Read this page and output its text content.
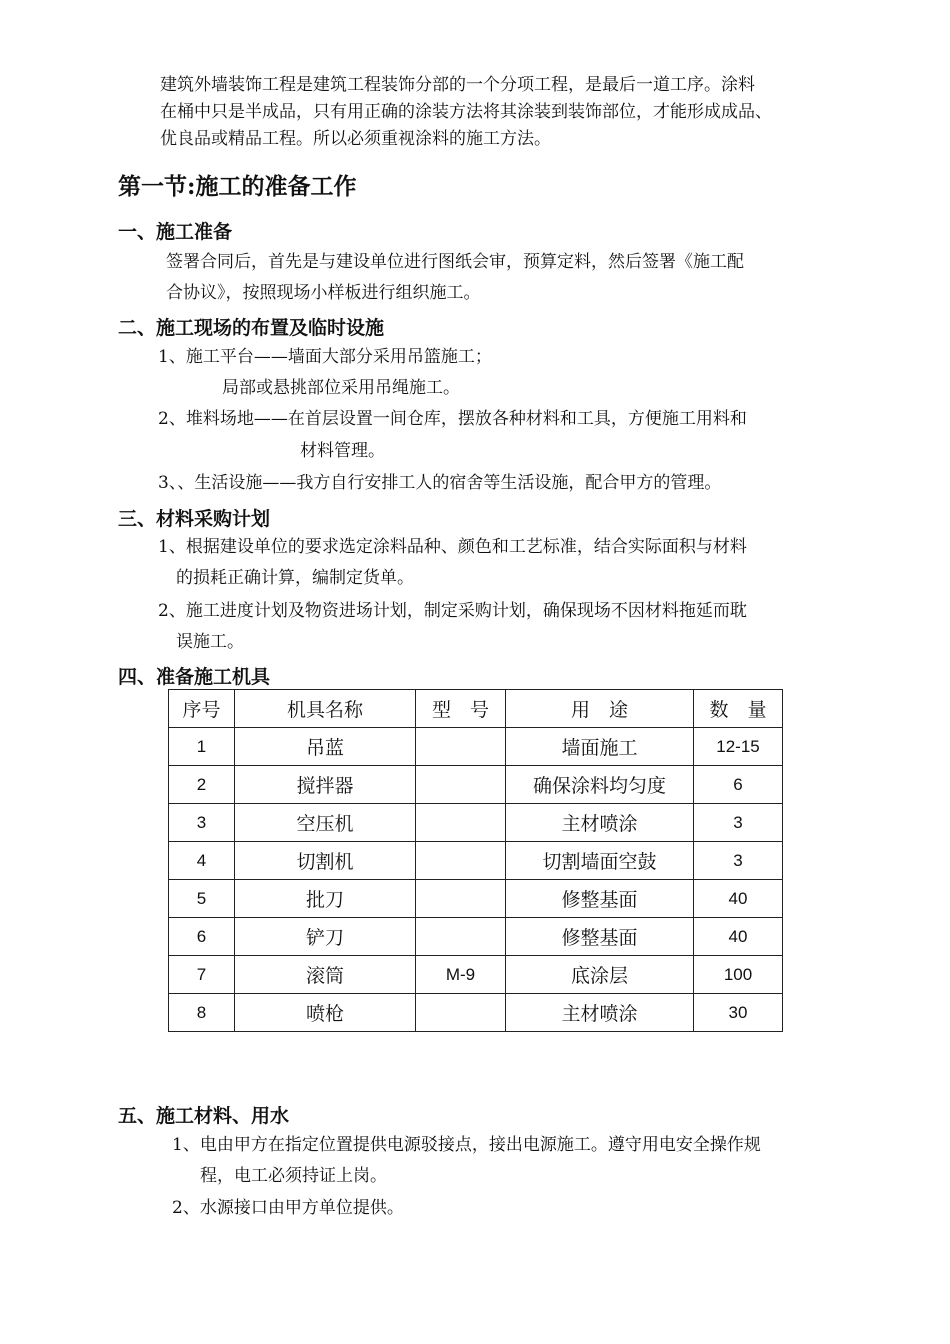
建筑外墙装饰工程是建筑工程装饰分部的一个分项工程，是最后一道工序。涂料
在桶中只是半成品，只有用正确的涂装方法将其涂装到装饰部位，才能形成成品、
优良品或精品工程。所以必须重视涂料的施工方法。
第一节:施工的准备工作
一、施工准备
签署合同后，首先是与建设单位进行图纸会审，预算定料，然后签署《施工配
合协议》，按照现场小样板进行组织施工。
二、施工现场的布置及临时设施
1、施工平台——墙面大部分采用吊篮施工；
局部或悬挑部位采用吊绳施工。
2、堆料场地——在首层设置一间仓库，摆放各种材料和工具，方便施工用料和
材料管理。
3、、生活设施——我方自行安排工人的宿舍等生活设施，配合甲方的管理。
三、材料采购计划
1、根据建设单位的要求选定涂料品种、颜色和工艺标准，结合实际面积与材料
的损耗正确计算，编制定货单。
2、施工进度计划及物资进场计划，制定采购计划，确保现场不因材料拖延而耽
误施工。
四、准备施工机具
序号	机具名称	型　号	用　途	数　量
1	吊蓝		墙面施工	12-15
2	搅拌器		确保涂料均匀度	6
3	空压机		主材喷涂	3
4	切割机		切割墙面空鼓	3
5	批刀		修整基面	40
6	铲刀		修整基面	40
7	滚筒	M-9	底涂层	100
8	喷枪		主材喷涂	30
五、施工材料、用水
1、电由甲方在指定位置提供电源驳接点，接出电源施工。遵守用电安全操作规
程，电工必须持证上岗。
2、水源接口由甲方单位提供。
